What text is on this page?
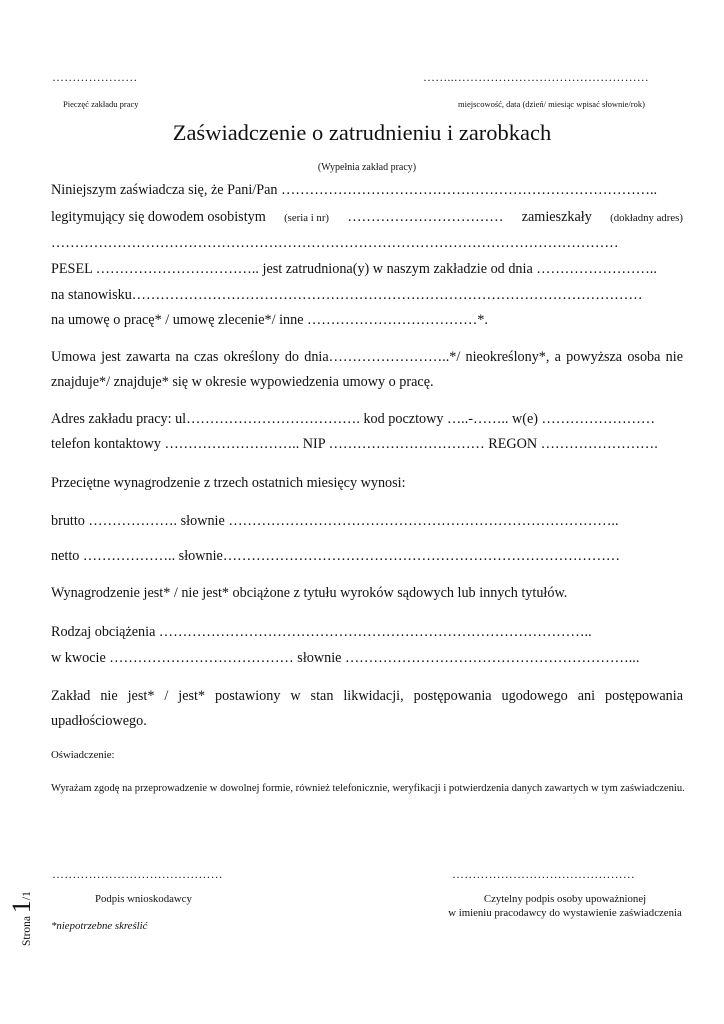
…………………	……..…………………………………………
Pieczęć zakładu pracy	miejscowość, data (dzień/ miesiąc wpisać słownie/rok)
Zaświadczenie o zatrudnieniu i zarobkach
(Wypełnia zakład pracy)
Niniejszym zaświadcza się, że Pani/Pan ……………………………………………………………………..
legitymujący się dowodem osobistym (seria i nr) …………………………… zamieszkały (dokładny adres)
…………………………………………………………………………………………………………
PESEL …………………………….. jest zatrudniona(y) w naszym zakładzie od dnia ……………………..
na stanowisku………………………………………………………………………………………………
na umowę o pracę* / umowę zlecenie*/ inne ………………………………*.
Umowa jest zawarta na czas określony do dnia……………………..*/ nieokreślony*, a powyższa osoba nie znajduje*/ znajduje* się w okresie wypowiedzenia umowy o pracę.
Adres zakładu pracy: ul………………………………. kod pocztowy …..-…….. w(e) ……………………
telefon kontaktowy ……………………….. NIP …………………………… REGON …………………….
Przeciętne wynagrodzenie z trzech ostatnich miesięcy wynosi:
brutto ………………. słownie ………………………………………………………………………..
netto ……………….. słownie…………………………………………………………………………
Wynagrodzenie jest* / nie jest* obciążone z tytułu wyroków sądowych lub innych tytułów.
Rodzaj obciążenia ………………………………………………………………………………..
w kwocie ………………………………… słownie ……………………………………………………...
Zakład nie jest* / jest* postawiony w stan likwidacji, postępowania ugodowego ani postępowania upadłościowego.
Oświadczenie:
Wyrażam zgodę na przeprowadzenie w dowolnej formie, również telefonicznie, weryfikacji i potwierdzenia danych zawartych w tym zaświadczeniu.
……………………………………	………………………………………
Podpis wnioskodawcy	Czytelny podpis osoby upoważnionej
w imieniu pracodawcy do wystawienie zaświadczenia
*niepotrzebne skreślić
Strona 1/1
